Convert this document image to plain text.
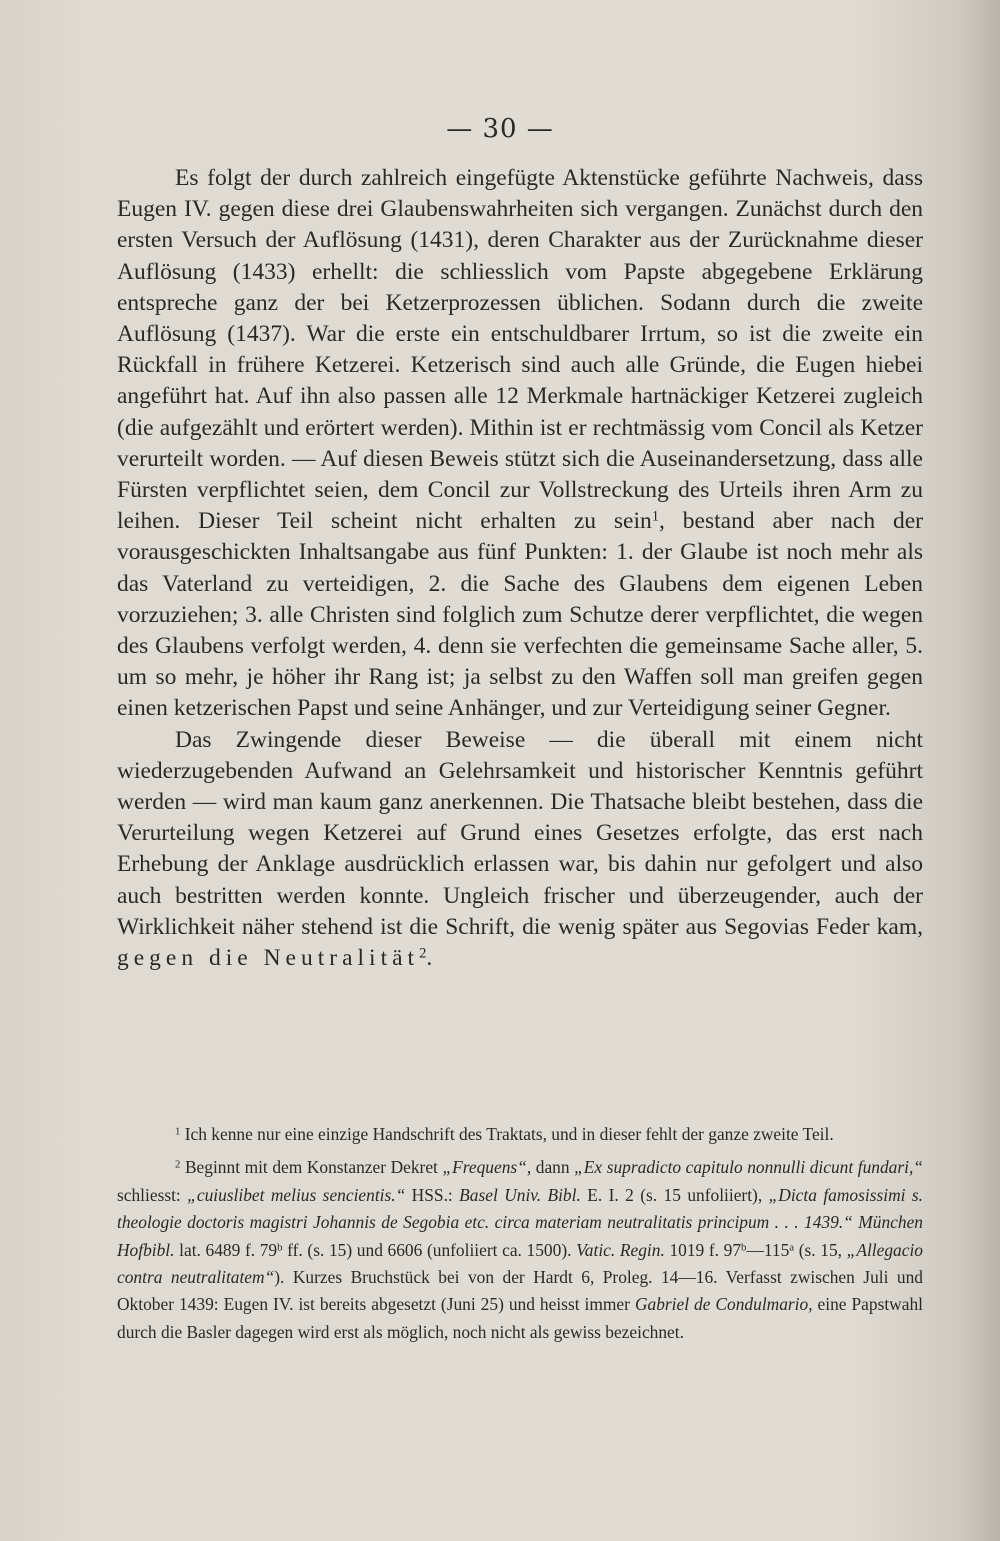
— 30 —

Es folgt der durch zahlreich eingefügte Aktenstücke geführte Nachweis, dass Eugen IV. gegen diese drei Glaubenswahrheiten sich vergangen. Zunächst durch den ersten Versuch der Auflösung (1431), deren Charakter aus der Zurücknahme dieser Auflösung (1433) erhellt: die schliesslich vom Papste abgegebene Erklärung entspreche ganz der bei Ketzerprozessen üblichen. Sodann durch die zweite Auflösung (1437). War die erste ein entschuldbarer Irrtum, so ist die zweite ein Rückfall in frühere Ketzerei. Ketzerisch sind auch alle Gründe, die Eugen hiebei angeführt hat. Auf ihn also passen alle 12 Merkmale hartnäckiger Ketzerei zugleich (die aufgezählt und erörtert werden). Mithin ist er rechtmässig vom Concil als Ketzer verurteilt worden. — Auf diesen Beweis stützt sich die Auseinandersetzung, dass alle Fürsten verpflichtet seien, dem Concil zur Vollstreckung des Urteils ihren Arm zu leihen. Dieser Teil scheint nicht erhalten zu sein$^1$, bestand aber nach der vorausgeschickten Inhaltsangabe aus fünf Punkten: 1. der Glaube ist noch mehr als das Vaterland zu verteidigen, 2. die Sache des Glaubens dem eigenen Leben vorzuziehen; 3. alle Christen sind folglich zum Schutze derer verpflichtet, die wegen des Glaubens verfolgt werden, 4. denn sie verfechten die gemeinsame Sache aller, 5. um so mehr, je höher ihr Rang ist; ja selbst zu den Waffen soll man greifen gegen einen ketzerischen Papst und seine Anhänger, und zur Verteidigung seiner Gegner.

Das Zwingende dieser Beweise — die überall mit einem nicht wiederzugebenden Aufwand an Gelehrsamkeit und historischer Kenntnis geführt werden — wird man kaum ganz anerkennen. Die Thatsache bleibt bestehen, dass die Verurteilung wegen Ketzerei auf Grund eines Gesetzes erfolgte, das erst nach Erhebung der Anklage ausdrücklich erlassen war, bis dahin nur gefolgert und also auch bestritten werden konnte. Ungleich frischer und überzeugender, auch der Wirklichkeit näher stehend ist die Schrift, die wenig später aus Segovias Feder kam, gegen die Neutralität$^2$.

$^1$ Ich kenne nur eine einzige Handschrift des Traktats, und in dieser fehlt der ganze zweite Teil.

$^2$ Beginnt mit dem Konstanzer Dekret „Frequens“, dann „Ex supradicto capitulo nonnulli dicunt fundari,“ schliesst: „cuiuslibet melius sencientis.“ HSS.: Basel Univ. Bibl. E. I. 2 (s. 15 unfoliiert), „Dicta famosissimi s. theologie doctoris magistri Johannis de Segobia etc. circa materiam neutralitatis principum . . . 1439.“ München Hofbibl. lat. 6489 f. 79$^b$ ff. (s. 15) und 6606 (unfoliiert ca. 1500). Vatic. Regin. 1019 f. 97$^b$—115$^a$ (s. 15, „Allegacio contra neutralitatem“). Kurzes Bruchstück bei von der Hardt 6, Proleg. 14—16. Verfasst zwischen Juli und Oktober 1439: Eugen IV. ist bereits abgesetzt (Juni 25) und heisst immer Gabriel de Condulmario, eine Papstwahl durch die Basler dagegen wird erst als möglich, noch nicht als gewiss bezeichnet.
